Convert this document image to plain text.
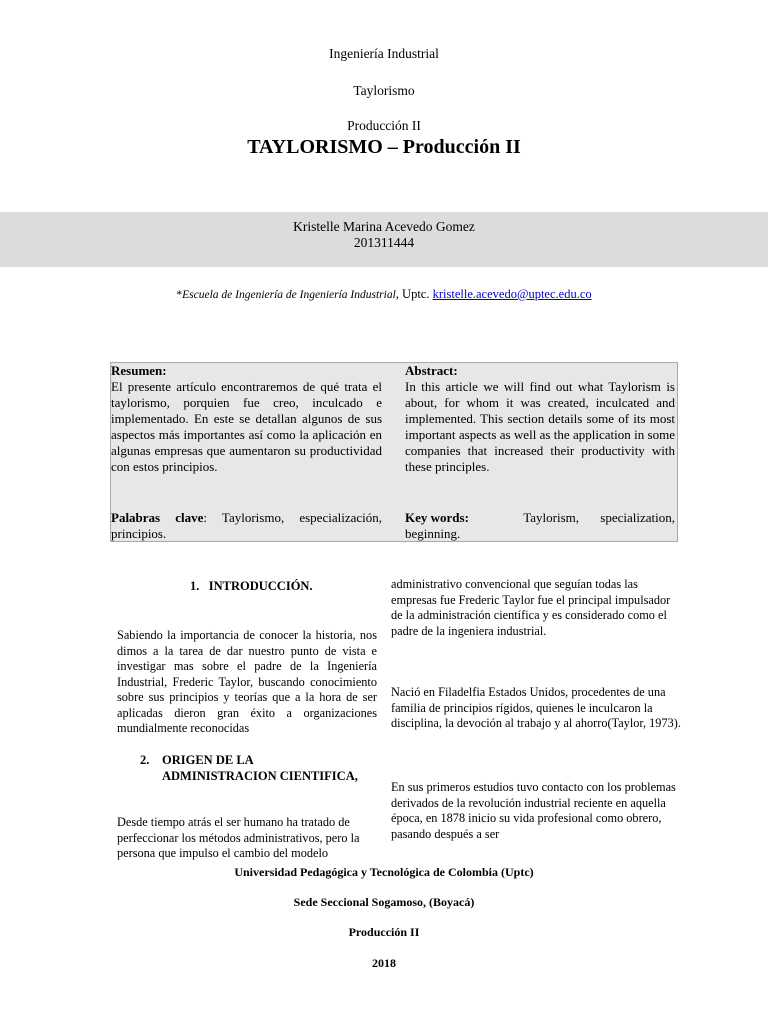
Ingeniería Industrial
Taylorismo
Producción II
TAYLORISMO – Producción II
Kristelle Marina Acevedo Gomez
201311444
*Escuela de Ingeniería de Ingeniería Industrial, Uptc. kristelle.acevedo@uptec.edu.co
Resumen:
El presente artículo encontraremos de qué trata el taylorismo, porquien fue creo, inculcado e implementado. En este se detallan algunos de sus aspectos más importantes así como la aplicación en algunas empresas que aumentaron su productividad con estos principios.
Palabras clave: Taylorismo, especialización, principios.
Abstract:
In this article we will find out what Taylorism is about, for whom it was created, inculcated and implemented. This section details some of its most important aspects as well as the application in some companies that increased their productivity with these principles.
Key words:	Taylorism, specialization,
beginning.
1.   INTRODUCCIÓN.
Sabiendo la importancia de conocer la historia, nos dimos a la tarea de dar nuestro punto de vista e investigar mas sobre el padre de la Ingeniería Industrial, Frederic Taylor, buscando conocimiento sobre sus principios y teorías que a la hora de ser aplicadas dieron gran éxito a organizaciones mundialmente reconocidas
2. ORIGEN DE LA
ADMINISTRACION CIENTIFICA,
Desde tiempo atrás el ser humano ha tratado de perfeccionar los métodos administrativos, pero la persona que impulso el cambio del modelo
administrativo convencional que seguían todas las empresas fue Frederic Taylor fue el principal impulsador de la administración científica y es considerado como el padre de la ingeniera industrial.
Nació en Filadelfia Estados Unidos, procedentes de una familia de principios rígidos, quienes le inculcaron la disciplina, la devoción al trabajo y al ahorro(Taylor, 1973).
En sus primeros estudios tuvo contacto con los problemas derivados de la revolución industrial reciente en aquella época, en 1878 inicio su vida profesional como obrero, pasando después a ser
Universidad Pedagógica y Tecnológica de Colombia (Uptc)
Sede Seccional Sogamoso, (Boyacá)
Producción II
2018
